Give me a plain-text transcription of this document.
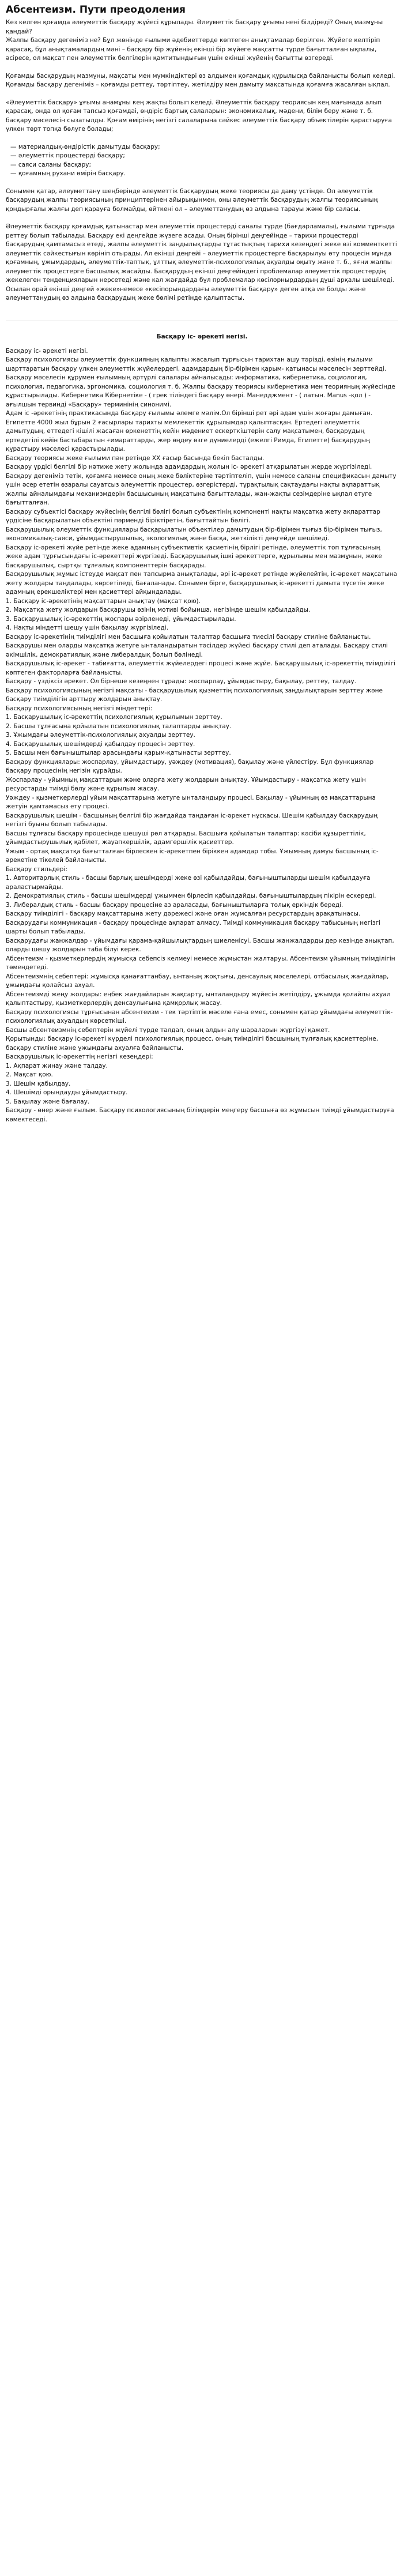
Абсентеизм. Пути преодоления

Кез келген қоғамда әлеуметтік басқару жүйесі құрылады. Әлеуметтік басқару ұғымы нені білдіреді? Оның мазмұны қандай?

Жалпы басқару дегеніміз не? Бұл жөнінде ғылыми әдебиеттерде көптеген анықтамалар берілген. Жүйеге келтіріп қарасақ, бұл анықтамалардың мәні – басқару бір жүйенің екінші бір жүйеге мақсатты түрде бағытталған ықпалы, әсіресе, ол мақсат пен әлеуметтік белгілерін қамтитындығын үшін екінші жүйенің бағытты өзгереді.

Қоғамды басқарудың мазмұны, мақсаты мен мүмкіндіктері өз алдымен қоғамдық құрылысқа байланысты болып келеді. Қоғамды басқару дегеніміз – қоғамды реттеу, тәртіптеу, жетілдіру мен дамыту мақсатында қоғамға жасалған ықпал.

«Әлеуметтік басқару» ұғымы анамұны кең жақты болып келеді. Әлеуметтік басқару теориясын кең мағынада алып қарасақ, онда ол қоғам тапсыз қоғамдаі, өндіріс бартық салаларын: экономикалық, мәдени, білім беру және т. б. басқару мәселесін сызатылды. Қоғам өмірінің негізгі салаларына сәйкес әлеуметтік басқару объектілерін қарастыруға үлкен төрт топқа бөлуге болады;

— материалдық-өндірістік дамытуды басқару;
— әлеуметтік процестерді басқару;
— саяси саланы басқару;
— қоғамның рухани өмірін басқару.

Сонымен қатар, әлеуметтану шеңберінде әлеуметтік басқарудың жеке теориясы да даму үстінде. Ол әлеуметтік басқарудың жалпы теориясының принциптерінен айырықынмен, оны әлеуметтік басқарудың жалпы теориясының қондырғалы жалғы деп қарауға болмайды, өйткені ол – әлеуметтанудың өз алдына тарауы және бір саласы.

Әлеуметтік басқару қоғамдық қатынастар мен әлеуметтік процестерді саналы түрде (бағдарламалы), ғылыми тұрғыда реттеу болып табылады. Басқару екі деңгейде жүзеге асады. Оның бірінші деңгейінде – тарихи процестерді басқарудың қамтамасыз етеді, жалпы әлеуметтік заңдылықтарды тұтастықтың тарихи кезеңдегі жеке өзі комменткетті әлеуметтік сәйкестығын көрініп отырады. Ал екінші деңгейі – әлеуметтік процестерге басқарылуы өту процесін мұнда қоғамның, ұжымдардың, әлеуметтік-таптық, ұлттық әлеуметтік-психологиялық ақуалды оқыту және т. б., яғни жалпы әлеуметтік процестерге басшылық жасайды. Басқарудың екінші деңгейіндегі проблемалар әлеуметтік процестердің жекелеген тенденцияларын нерсетеді және кал жағдайда бұл проблемалар көсілорнырдардың дұші арқалы шешіледі. Осылан орай екінші деңгей «жеке»немесе «кесіпорындардағы әлеуметтік басқару» деген атқа ие болды және әлеуметтанудың өз алдына басқарудың жеке бөлімі ретінде қалыптасты.

Басқару іс- әрекеті негізі.

Басқару іс- әрекеті негізі.

Басқару психологиясы әлеуметтік функцияның қалыпты жасалып тұрғысын тарихтан ашу тәрізді, өзінің ғылыми шарттаратын басқару үлкен әлеуметтік жүйелердегі, адамдардың бір-бірімен қарым- қатынасы мәселесін зерттейді.

Басқару мәселесін құрумен ғылымның әртүрлі салалары айналысады: информатика, кибернетика, социология, психология, педагогика, эргономика, социология т. б. Жалпы басқару теориясы кибернетика мен теорияның жүйесінде құрастырылады. Кибернетика Кібернетіке - ( грек тіліндегі басқару өнері. Манедджмент - ( латын. Manus -қол ) - ағылшын тервинді «Басқару» терминінің синонимі.

Адам іс -әрекетінің практикасында басқару ғылымы әлемге мәлім.Ол бірінші рет әрі адам үшін жоғары дамыған.

Египетте 4000 жыл бұрын 2 ғасырлары тарихты мемлекеттік құрылымдар қалыптасқан. Ертедегі әлеуметтік дамытудың, еттедегі кішілі жасаған өркенеттің кейін мәдениет ескерткіштерін салу мақсатымен, басқарудың ертедегілі кейін бастабаратын ғимараттарды, жер өңдеу өзге дүниелерді (ежелгі Римда, Египетте) басқарудың құрастыру мәселесі қарастырылады.

Басқару теориясы жеке ғылыми пән ретінде XX ғасыр басында бекіп басталды.

Басқару үрдісі белгілі бір нәтиже жету жолында адамдардың жолын іс- әрекеті атқарылатын жерде жүргізіледі. Басқару дегеніміз тетік, қоғамға немесе оның жеке бөліктеріне тәртіптеліп, үшін немесе саланы спецификасын дамыту үшін әсер ететін өзаралы сауатсыз әлеуметтік процестер, өзгерістерді, тұрақтылық сақтаудағы нақты ақпараттық жалпы айналымдағы механизмдерін басшысының мақсатына бағытталады, жан-жақты сезімдеріне ықпал етуге бағытталған.

Басқару субъектісі басқару жүйесінің белгілі бөлігі болып субъектінің компоненті нақты мақсатқа жету ақпараттар үрдісіне басқарылатын объектіні пәрменді біріктіретін, бағыттайтын бөлігі.

Басқарушылық әлеуметтік функциялары басқарылатын объектілер дамытудың бір-бірімен тығыз бір-бірімен тығыз, экономикалық-саяси, ұйымдастырушылық, экологиялық және басқа, жеткілікті деңгейде шешіледі.

Басқару іс-әрекеті жүйе ретінде жеке адамның субъективтік қасиетінің бірлігі ретінде, әлеуметтік топ тұлғасының жеке адам тұрғысындағы іс-әрекеттері жүргізеді. Басқарушылық ішкі әрекеттерге, құрылымы мен мазмұнын, жеке басқарушылық, сыртқы тұлғалық компоненттерін басқарады.

Басқарушылық жұмыс істеуде мақсат пен тапсырма анықталады, әрі іс-әрекет ретінде жүйелейтін, іс-әрекет мақсатына жету жолдары таңдалады, көрсетіледі, бағаланады. Сонымен бірге, басқарушылық іс-әрекетті дамыта түсетін жеке адамның ерекшеліктері мен қасиеттері айқындалады.

1. Басқару іс-әрекетінің мақсаттарын анықтау (мақсат қою).

2. Мақсатқа жету жолдарын басқарушы өзінің мотиві бойынша, негізінде шешім қабылдайды.

3. Басқарушылық іс-әрекеттің жоспары әзірленеді, ұйымдастырылады.

4. Нақты міндетті шешу үшін бақылау жүргізіледі.

Басқару іс-әрекетінің тиімділігі мен басшыға қойылатын талаптар басшыға тиесілі басқару стиліне байланысты.

Басқарушы мен оларды мақсатқа жетуге ынталандыратын тәсілдер жүйесі басқару стилі деп аталады. Басқару стилі әкімшілік, демократиялық және либералдық болып бөлінеді.

Басқарушылық іс-әрекет - табиғатта, әлеуметтік жүйелердегі процесі және жүйе. Басқарушылық іс-әрекеттің тиімділігі көптеген факторларға байланысты.

Басқару - үздіксіз әрекет. Ол бірнеше кезеңнен тұрады: жоспарлау, ұйымдастыру, бақылау, реттеу, талдау.

Басқару психологиясының негізгі мақсаты - басқарушылық қызметтің психологиялық заңдылықтарын зерттеу және басқару тиімділігін арттыру жолдарын анықтау.

Басқару психологиясының негізгі міндеттері:

1. Басқарушылық іс-әрекеттің психологиялық құрылымын зерттеу.

2. Басшы тұлғасына қойылатын психологиялық талаптарды анықтау.

3. Ұжымдағы әлеуметтік-психологиялық ахуалды зерттеу.

4. Басқарушылық шешімдерді қабылдау процесін зерттеу.

5. Басшы мен бағыныштылар арасындағы қарым-қатынасты зерттеу.

Басқару функциялары: жоспарлау, ұйымдастыру, уәждеу (мотивация), бақылау және үйлестіру. Бұл функциялар басқару процесінің негізін құрайды.

Жоспарлау - ұйымның мақсаттарын және оларға жету жолдарын анықтау. Ұйымдастыру - мақсатқа жету үшін ресурстарды тиімді бөлу және құрылым жасау.

Уәждеу - қызметкерлерді ұйым мақсаттарына жетуге ынталандыру процесі. Бақылау - ұйымның өз мақсаттарына жетуін қамтамасыз ету процесі.

Басқарушылық шешім - басшының белгілі бір жағдайда таңдаған іс-әрекет нұсқасы. Шешім қабылдау басқарудың негізгі буыны болып табылады.

Басшы тұлғасы басқару процесінде шешуші рөл атқарады. Басшыға қойылатын талаптар: кәсіби құзыреттілік, ұйымдастырушылық қабілет, жауапкершілік, адамгершілік қасиеттер.

Ұжым - ортақ мақсатқа бағытталған бірлескен іс-әрекетпен біріккен адамдар тобы. Ұжымның дамуы басшының іс-әрекетіне тікелей байланысты.

Басқару стильдері:

1. Авторитарлық стиль - басшы барлық шешімдерді жеке өзі қабылдайды, бағыныштыларды шешім қабылдауға араластырмайды.

2. Демократиялық стиль - басшы шешімдерді ұжыммен бірлесіп қабылдайды, бағыныштылардың пікірін ескереді.

3. Либералдық стиль - басшы басқару процесіне аз араласады, бағыныштыларға толық еркіндік береді.

Басқару тиімділігі - басқару мақсаттарына жету дәрежесі және оған жұмсалған ресурстардың арақатынасы.

Басқарудағы коммуникация - басқару процесінде ақпарат алмасу. Тиімді коммуникация басқару табысының негізгі шарты болып табылады.

Басқарудағы жанжалдар - ұйымдағы қарама-қайшылықтардың шиеленісуі. Басшы жанжалдарды дер кезінде анықтап, оларды шешу жолдарын таба білуі керек.

Абсентеизм - қызметкерлердің жұмысқа себепсіз келмеуі немесе жұмыстан жалтаруы. Абсентеизм ұйымның тиімділігін төмендетеді.

Абсентеизмнің себептері: жұмысқа қанағаттанбау, ынтаның жоқтығы, денсаулық мәселелері, отбасылық жағдайлар, ұжымдағы қолайсыз ахуал.

Абсентеизмді жеңу жолдары: еңбек жағдайларын жақсарту, ынталандыру жүйесін жетілдіру, ұжымда қолайлы ахуал қалыптастыру, қызметкерлердің денсаулығына қамқорлық жасау.

Басқару психологиясы тұрғысынан абсентеизм - тек тәртіптік мәселе ғана емес, сонымен қатар ұйымдағы әлеуметтік-психологиялық ахуалдың көрсеткіші.

Басшы абсентеизмнің себептерін жүйелі түрде талдап, оның алдын алу шараларын жүргізуі қажет.

Қорытынды: басқару іс-әрекеті күрделі психологиялық процесс, оның тиімділігі басшының тұлғалық қасиеттеріне, басқару стиліне және ұжымдағы ахуалға байланысты.

Басқарушылық іс-әрекеттің негізгі кезеңдері:

1. Ақпарат жинау және талдау.

2. Мақсат қою.

3. Шешім қабылдау.

4. Шешімді орындауды ұйымдастыру.

5. Бақылау және бағалау.

Басқару - өнер және ғылым. Басқару психологиясының білімдерін меңгеру басшыға өз жұмысын тиімді ұйымдастыруға көмектеседі.
